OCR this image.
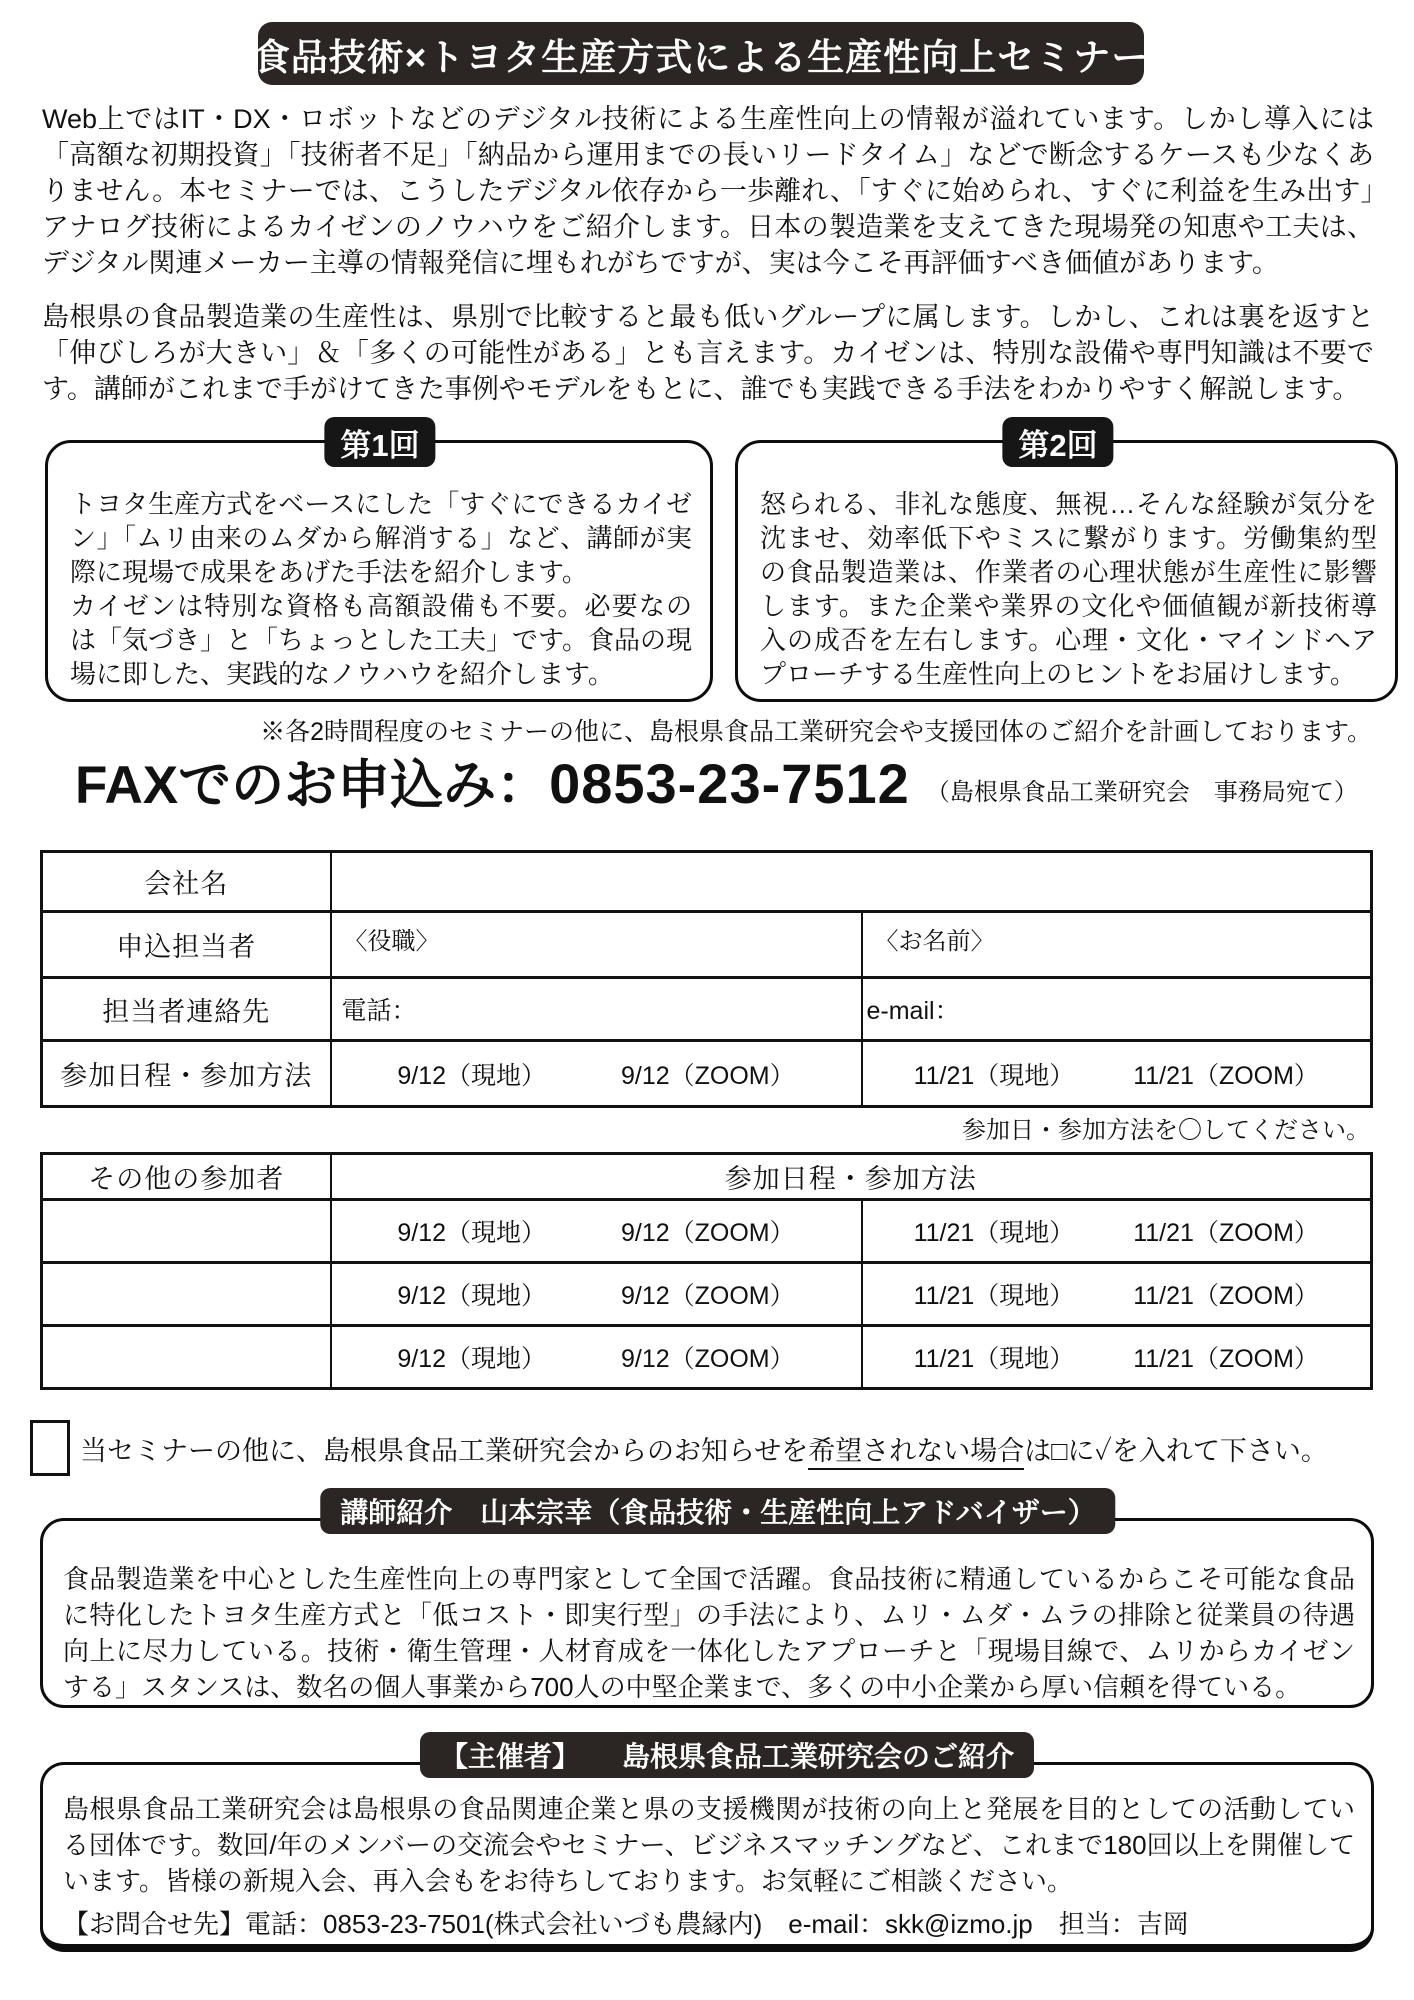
食品技術×トヨタ生産方式による生産性向上セミナー

Web上ではIT・DX・ロボットなどのデジタル技術による生産性向上の情報が溢れています。しかし導入には「高額な初期投資」「技術者不足」「納品から運用までの長いリードタイム」などで断念するケースも少なくありません。本セミナーでは、こうしたデジタル依存から一歩離れ、「すぐに始められ、すぐに利益を生み出す」アナログ技術によるカイゼンのノウハウをご紹介します。日本の製造業を支えてきた現場発の知恵や工夫は、デジタル関連メーカー主導の情報発信に埋もれがちですが、実は今こそ再評価すべき価値があります。

島根県の食品製造業の生産性は、県別で比較すると最も低いグループに属します。しかし、これは裏を返すと「伸びしろが大きい」＆「多くの可能性がある」とも言えます。カイゼンは、特別な設備や専門知識は不要です。講師がこれまで手がけてきた事例やモデルをもとに、誰でも実践できる手法をわかりやすく解説します。

第1回

トヨタ生産方式をベースにした「すぐにできるカイゼン」「ムリ由来のムダから解消する」など、講師が実際に現場で成果をあげた手法を紹介します。

カイゼンは特別な資格も高額設備も不要。必要なのは「気づき」と「ちょっとした工夫」です。食品の現場に即した、実践的なノウハウを紹介します。

第2回

怒られる、非礼な態度、無視…そんな経験が気分を沈ませ、効率低下やミスに繋がります。労働集約型の食品製造業は、作業者の心理状態が生産性に影響します。また企業や業界の文化や価値観が新技術導入の成否を左右します。心理・文化・マインドへアプローチする生産性向上のヒントをお届けします。

※各2時間程度のセミナーの他に、島根県食品工業研究会や支援団体のご紹介を計画しております。
FAXでのお申込み：0853-23-7512 （島根県食品工業研究会　事務局宛て）
会社名		
申込担当者	〈役職〉	〈お名前〉
担当者連絡先	電話：	e-mail：
参加日程・参加方法	9/12（現地） 9/12（ZOOM）	11/21（現地） 11/21（ZOOM）
参加日・参加方法を〇してください。
その他の参加者	参加日程・参加方法	
	9/12（現地） 9/12（ZOOM）	11/21（現地） 11/21（ZOOM）
	9/12（現地） 9/12（ZOOM）	11/21（現地） 11/21（ZOOM）
	9/12（現地） 9/12（ZOOM）	11/21（現地） 11/21（ZOOM）
当セミナーの他に、島根県食品工業研究会からのお知らせを希望されない場合は□に✓を入れて下さい。
講師紹介　山本宗幸（食品技術・生産性向上アドバイザー）
食品製造業を中心とした生産性向上の専門家として全国で活躍。食品技術に精通しているからこそ可能な食品に特化したトヨタ生産方式と「低コスト・即実行型」の手法により、ムリ・ムダ・ムラの排除と従業員の待遇向上に尽力している。技術・衛生管理・人材育成を一体化したアプローチと「現場目線で、ムリからカイゼンする」スタンスは、数名の個人事業から700人の中堅企業まで、多くの中小企業から厚い信頼を得ている。
【主催者】　　島根県食品工業研究会のご紹介

島根県食品工業研究会は島根県の食品関連企業と県の支援機関が技術の向上と発展を目的としての活動している団体です。数回/年のメンバーの交流会やセミナー、ビジネスマッチングなど、これまで180回以上を開催しています。皆様の新規入会、再入会もをお待ちしております。お気軽にご相談ください。

【お問合せ先】電話：0853-23-7501(株式会社いづも農縁内)　e-mail：skk@izmo.jp　担当：吉岡
